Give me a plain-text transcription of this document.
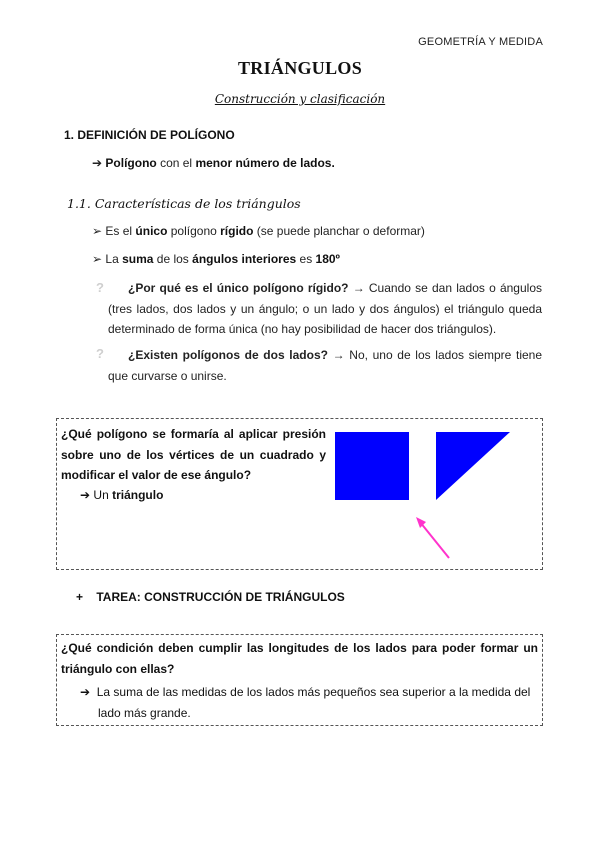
GEOMETRÍA Y MEDIDA
TRIÁNGULOS
Construcción y clasificación
1. DEFINICIÓN DE POLÍGONO
➔ Polígono con el menor número de lados.
1.1. Características de los triángulos
➢ Es el único polígono rígido (se puede planchar o deformar)
➢ La suma de los ángulos interiores es 180º
?	¿Por qué es el único polígono rígido? → Cuando se dan lados o ángulos (tres lados, dos lados y un ángulo; o un lado y dos ángulos) el triángulo queda determinado de forma única (no hay posibilidad de hacer dos triángulos).
?	¿Existen polígonos de dos lados? → No, uno de los lados siempre tiene que curvarse o unirse.
¿Qué polígono se formaría al aplicar presión sobre uno de los vértices de un cuadrado y modificar el valor de ese ángulo?
➔ Un triángulo
+ TAREA: CONSTRUCCIÓN DE TRIÁNGULOS
¿Qué condición deben cumplir las longitudes de los lados para poder formar un triángulo con ellas?
➔ La suma de las medidas de los lados más pequeños sea superior a la medida del lado más grande.
